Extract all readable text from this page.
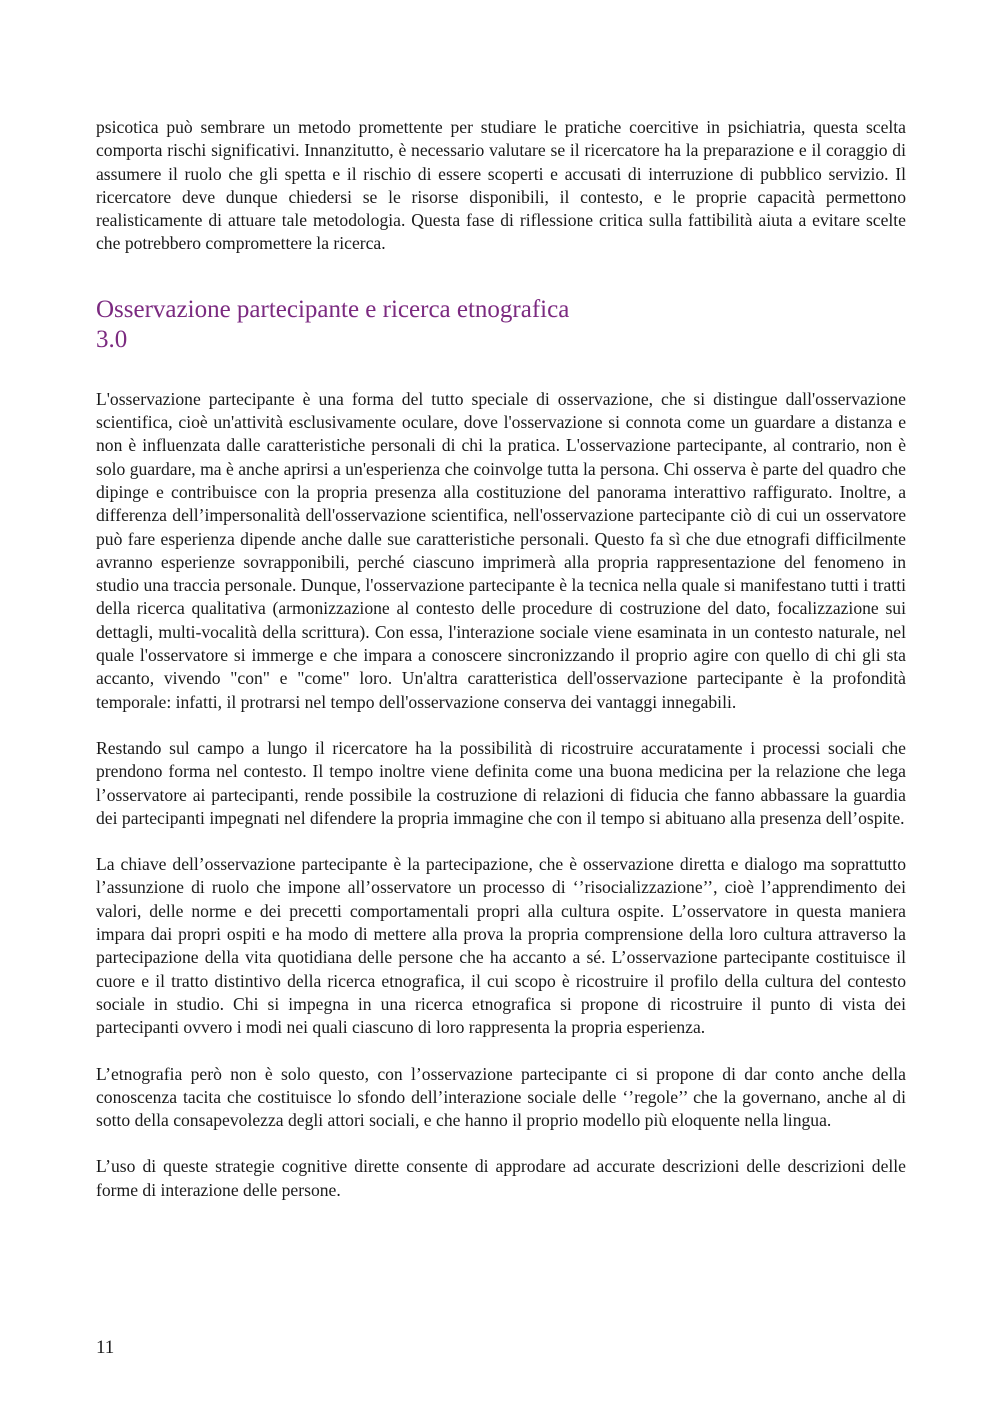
psicotica può sembrare un metodo promettente per studiare le pratiche coercitive in psichiatria, questa scelta comporta rischi significativi. Innanzitutto, è necessario valutare se il ricercatore ha la preparazione e il coraggio di assumere il ruolo che gli spetta e il rischio di essere scoperti e accusati di interruzione di pubblico servizio. Il ricercatore deve dunque chiedersi se le risorse disponibili, il contesto, e le proprie capacità permettono realisticamente di attuare tale metodologia. Questa fase di riflessione critica sulla fattibilità aiuta a evitare scelte che potrebbero compromettere la ricerca.

Osservazione partecipante e ricerca etnografica
3.0

L'osservazione partecipante è una forma del tutto speciale di osservazione, che si distingue dall'osservazione scientifica, cioè un'attività esclusivamente oculare, dove l'osservazione si connota come un guardare a distanza e non è influenzata dalle caratteristiche personali di chi la pratica. L'osservazione partecipante, al contrario, non è solo guardare, ma è anche aprirsi a un'esperienza che coinvolge tutta la persona. Chi osserva è parte del quadro che dipinge e contribuisce con la propria presenza alla costituzione del panorama interattivo raffigurato. Inoltre, a differenza dell’impersonalità dell'osservazione scientifica, nell'osservazione partecipante ciò di cui un osservatore può fare esperienza dipende anche dalle sue caratteristiche personali. Questo fa sì che due etnografi difficilmente avranno esperienze sovrapponibili, perché ciascuno imprimerà alla propria rappresentazione del fenomeno in studio una traccia personale. Dunque, l'osservazione partecipante è la tecnica nella quale si manifestano tutti i tratti della ricerca qualitativa (armonizzazione al contesto delle procedure di costruzione del dato, focalizzazione sui dettagli, multi-vocalità della scrittura). Con essa, l'interazione sociale viene esaminata in un contesto naturale, nel quale l'osservatore si immerge e che impara a conoscere sincronizzando il proprio agire con quello di chi gli sta accanto, vivendo "con" e "come" loro. Un'altra caratteristica dell'osservazione partecipante è la profondità temporale: infatti, il protrarsi nel tempo dell'osservazione conserva dei vantaggi innegabili.

Restando sul campo a lungo il ricercatore ha la possibilità di ricostruire accuratamente i processi sociali che prendono forma nel contesto. Il tempo inoltre viene definita come una buona medicina per la relazione che lega l’osservatore ai partecipanti, rende possibile la costruzione di relazioni di fiducia che fanno abbassare la guardia dei partecipanti impegnati nel difendere la propria immagine che con il tempo si abituano alla presenza dell’ospite.

La chiave dell’osservazione partecipante è la partecipazione, che è osservazione diretta e dialogo ma soprattutto l’assunzione di ruolo che impone all’osservatore un processo di ‘’risocializzazione’’, cioè l’apprendimento dei valori, delle norme e dei precetti comportamentali propri alla cultura ospite. L’osservatore in questa maniera impara dai propri ospiti e ha modo di mettere alla prova la propria comprensione della loro cultura attraverso la partecipazione della vita quotidiana delle persone che ha accanto a sé. L’osservazione partecipante costituisce il cuore e il tratto distintivo della ricerca etnografica, il cui scopo è ricostruire il profilo della cultura del contesto sociale in studio. Chi si impegna in una ricerca etnografica si propone di ricostruire il punto di vista dei partecipanti ovvero i modi nei quali ciascuno di loro rappresenta la propria esperienza.

L’etnografia però non è solo questo, con l’osservazione partecipante ci si propone di dar conto anche della conoscenza tacita che costituisce lo sfondo dell’interazione sociale delle ‘’regole’’ che la governano, anche al di sotto della consapevolezza degli attori sociali, e che hanno il proprio modello più eloquente nella lingua.

L’uso di queste strategie cognitive dirette consente di approdare ad accurate descrizioni delle descrizioni delle forme di interazione delle persone.

11
